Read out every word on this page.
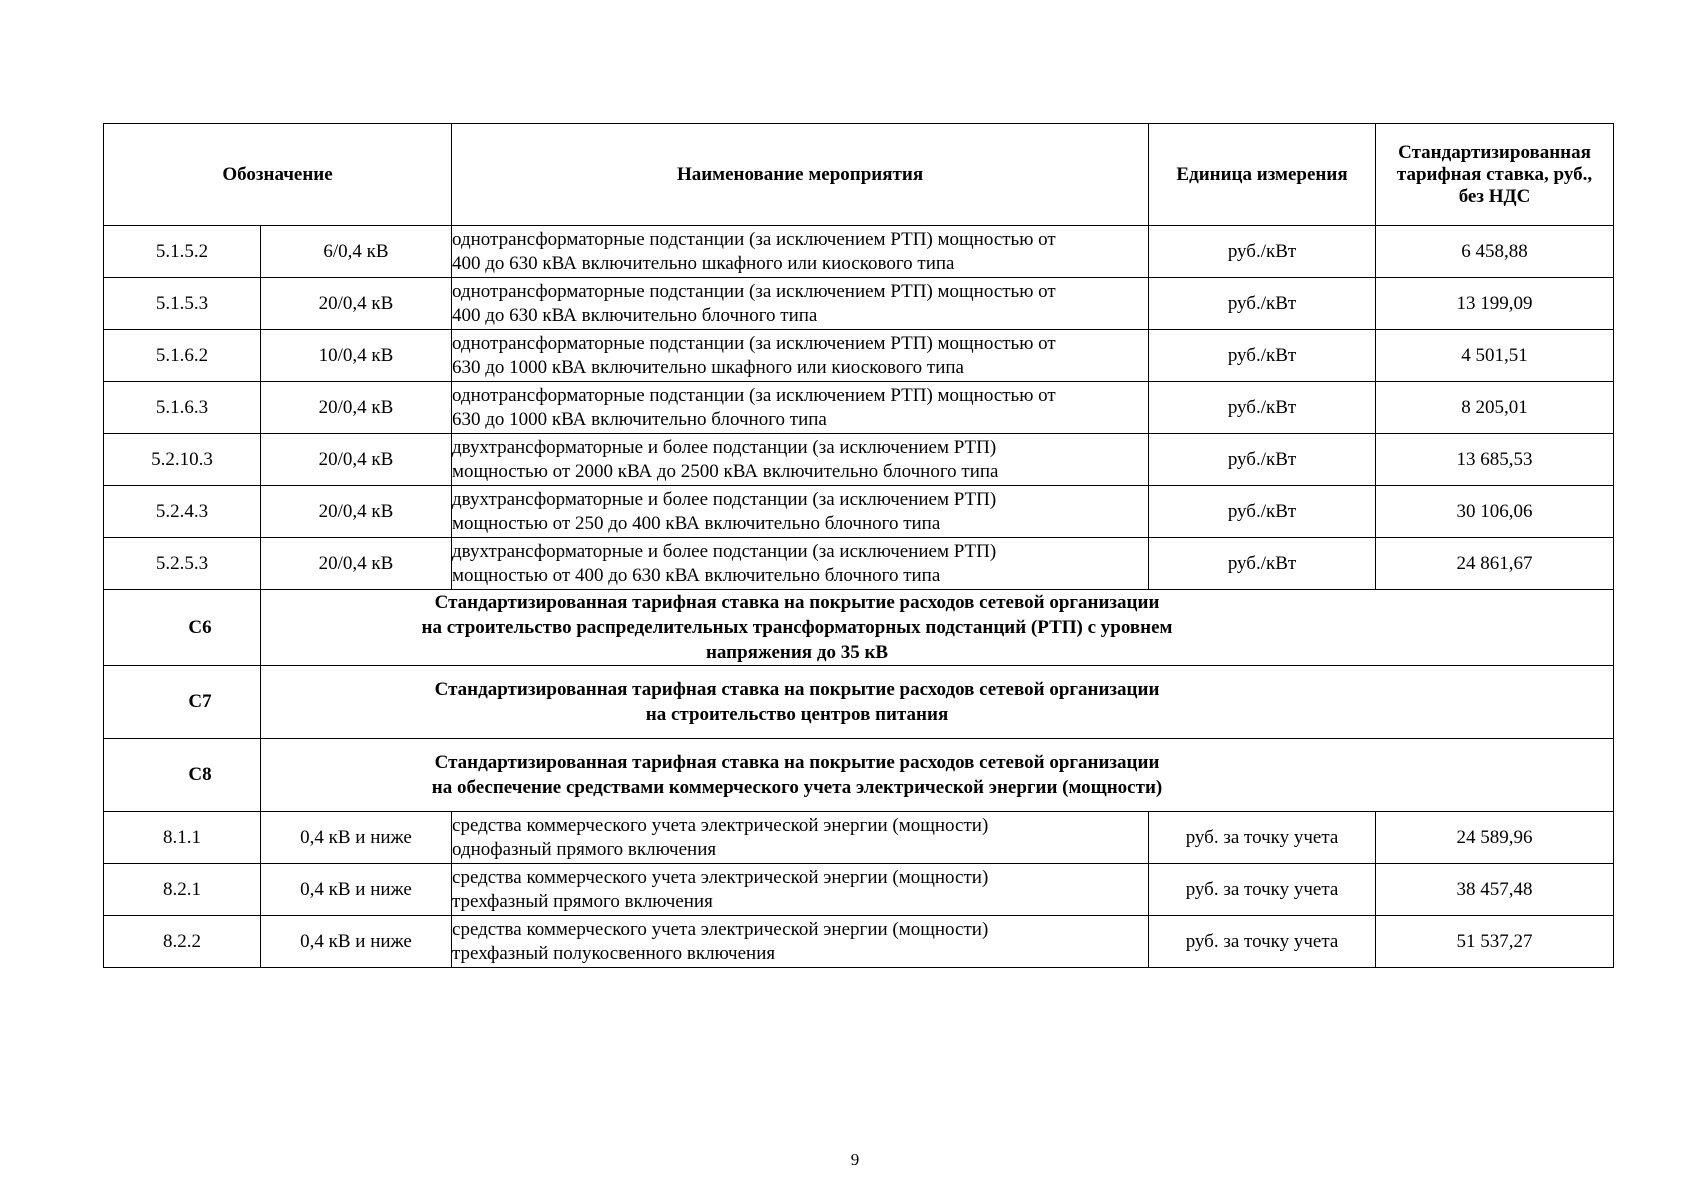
Обозначение		Наименование мероприятия	Единица измерения	Стандартизированная тарифная ставка, руб., без НДС
5.1.5.2	6/0,4 кВ	однотрансформаторные подстанции (за исключением РТП) мощностью от
400 до 630 кВА включительно шкафного или киоскового типа	руб./кВт	6 458,88
5.1.5.3	20/0,4 кВ	однотрансформаторные подстанции (за исключением РТП) мощностью от
400 до 630 кВА включительно блочного типа	руб./кВт	13 199,09
5.1.6.2	10/0,4 кВ	однотрансформаторные подстанции (за исключением РТП) мощностью от
630 до 1000 кВА включительно шкафного или киоскового типа	руб./кВт	4 501,51
5.1.6.3	20/0,4 кВ	однотрансформаторные подстанции (за исключением РТП) мощностью от
630 до 1000 кВА включительно блочного типа	руб./кВт	8 205,01
5.2.10.3	20/0,4 кВ	двухтрансформаторные и более подстанции (за исключением РТП)
мощностью от 2000 кВА до 2500 кВА включительно блочного типа	руб./кВт	13 685,53
5.2.4.3	20/0,4 кВ	двухтрансформаторные и более подстанции (за исключением РТП)
мощностью от 250 до 400 кВА включительно блочного типа	руб./кВт	30 106,06
5.2.5.3	20/0,4 кВ	двухтрансформаторные и более подстанции (за исключением РТП)
мощностью от 400 до 630 кВА включительно блочного типа	руб./кВт	24 861,67
С6	Стандартизированная тарифная ставка на покрытие расходов сетевой организации
на строительство распределительных трансформаторных подстанций (РТП) с уровнем
напряжения до 35 кВ			

С7	Стандартизированная тарифная ставка на покрытие расходов сетевой организации
на строительство центров питания			

С8	Стандартизированная тарифная ставка на покрытие расходов сетевой организации
на обеспечение средствами коммерческого учета электрической энергии (мощности)			

8.1.1	0,4 кВ и ниже	средства коммерческого учета электрической энергии (мощности)
однофазный прямого включения	руб. за точку учета	24 589,96
8.2.1	0,4 кВ и ниже	средства коммерческого учета электрической энергии (мощности)
трехфазный прямого включения	руб. за точку учета	38 457,48
8.2.2	0,4 кВ и ниже	средства коммерческого учета электрической энергии (мощности)
трехфазный полукосвенного включения	руб. за точку учета	51 537,27
9
